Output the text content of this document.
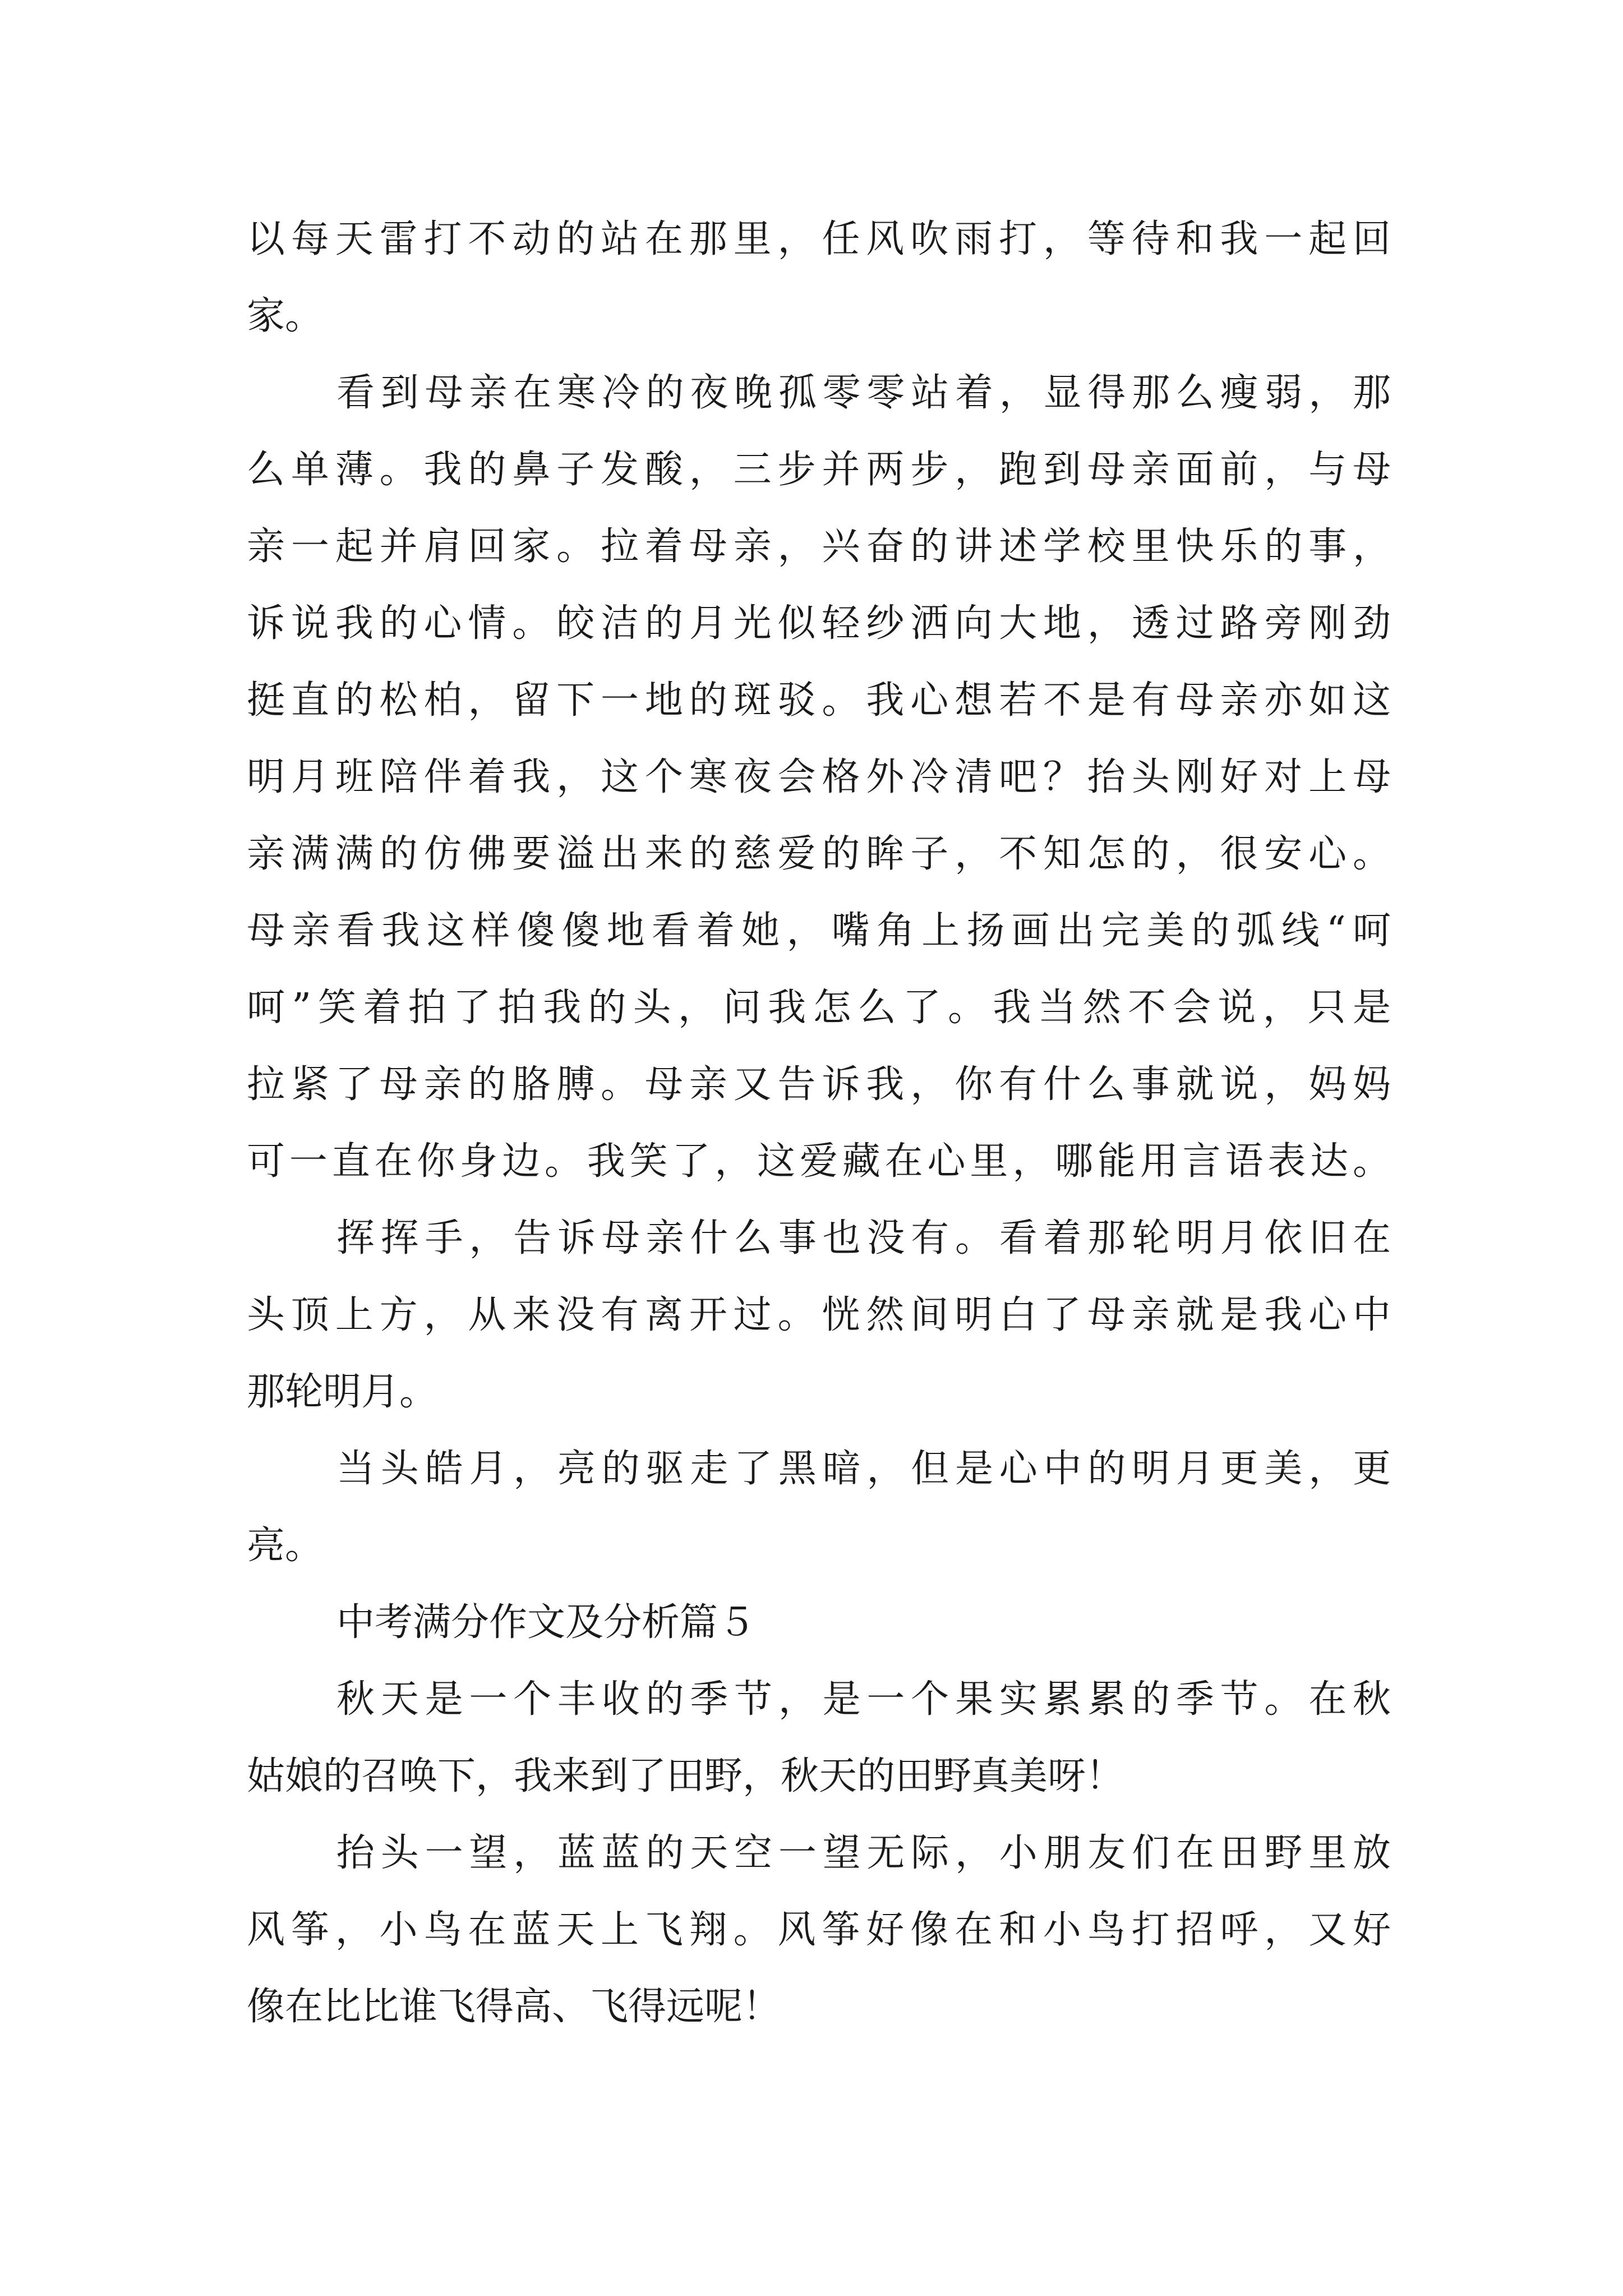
以每天雷打不动的站在那里，任风吹雨打，等待和我一起回
家。
看到母亲在寒冷的夜晚孤零零站着，显得那么瘦弱，那
么单薄。我的鼻子发酸，三步并两步，跑到母亲面前，与母
亲一起并肩回家。拉着母亲，兴奋的讲述学校里快乐的事，
诉说我的心情。皎洁的月光似轻纱洒向大地，透过路旁刚劲
挺直的松柏，留下一地的斑驳。我心想若不是有母亲亦如这
明月班陪伴着我，这个寒夜会格外冷清吧？抬头刚好对上母
亲满满的仿佛要溢出来的慈爱的眸子，不知怎的，很安心。
母亲看我这样傻傻地看着她，嘴角上扬画出完美的弧线“呵
呵”笑着拍了拍我的头，问我怎么了。我当然不会说，只是
拉紧了母亲的胳膊。母亲又告诉我，你有什么事就说，妈妈
可一直在你身边。我笑了，这爱藏在心里，哪能用言语表达。
挥挥手，告诉母亲什么事也没有。看着那轮明月依旧在
头顶上方，从来没有离开过。恍然间明白了母亲就是我心中
那轮明月。
当头皓月，亮的驱走了黑暗，但是心中的明月更美，更
亮。
中考满分作文及分析篇５
秋天是一个丰收的季节，是一个果实累累的季节。在秋
姑娘的召唤下，我来到了田野，秋天的田野真美呀！
抬头一望，蓝蓝的天空一望无际，小朋友们在田野里放
风筝，小鸟在蓝天上飞翔。风筝好像在和小鸟打招呼，又好
像在比比谁飞得高、飞得远呢！
